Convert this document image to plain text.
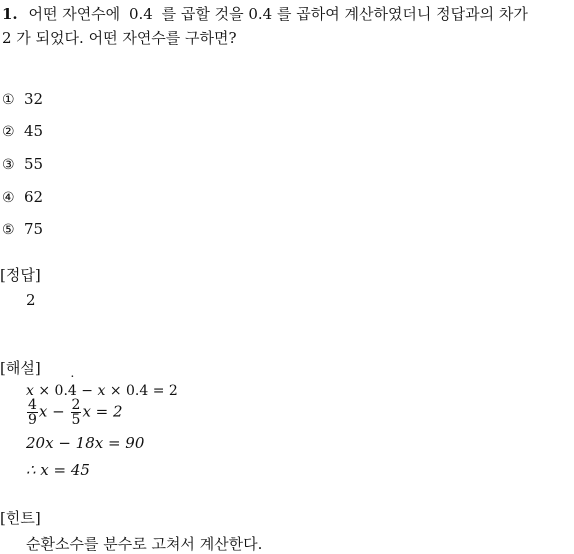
1. 어떤 자연수에 0.˙ 4 를 곱할 것을 0.4 를 곱하여 계산하였더니 정답과의 차가
2 가 되었다. 어떤 자연수를 구하면?
① 32
② 45
③ 55
④ 62
⑤ 75
[정답]
2
[해설]
x × 0.˙ 4 − x × 0.4 = 2
$\frac{4}{9}$ $x - \frac{2}{5}$ x = 2
20x − 18x = 90
∴ x = 45
[힌트]
순환소수를 분수로 고쳐서 계산한다.
